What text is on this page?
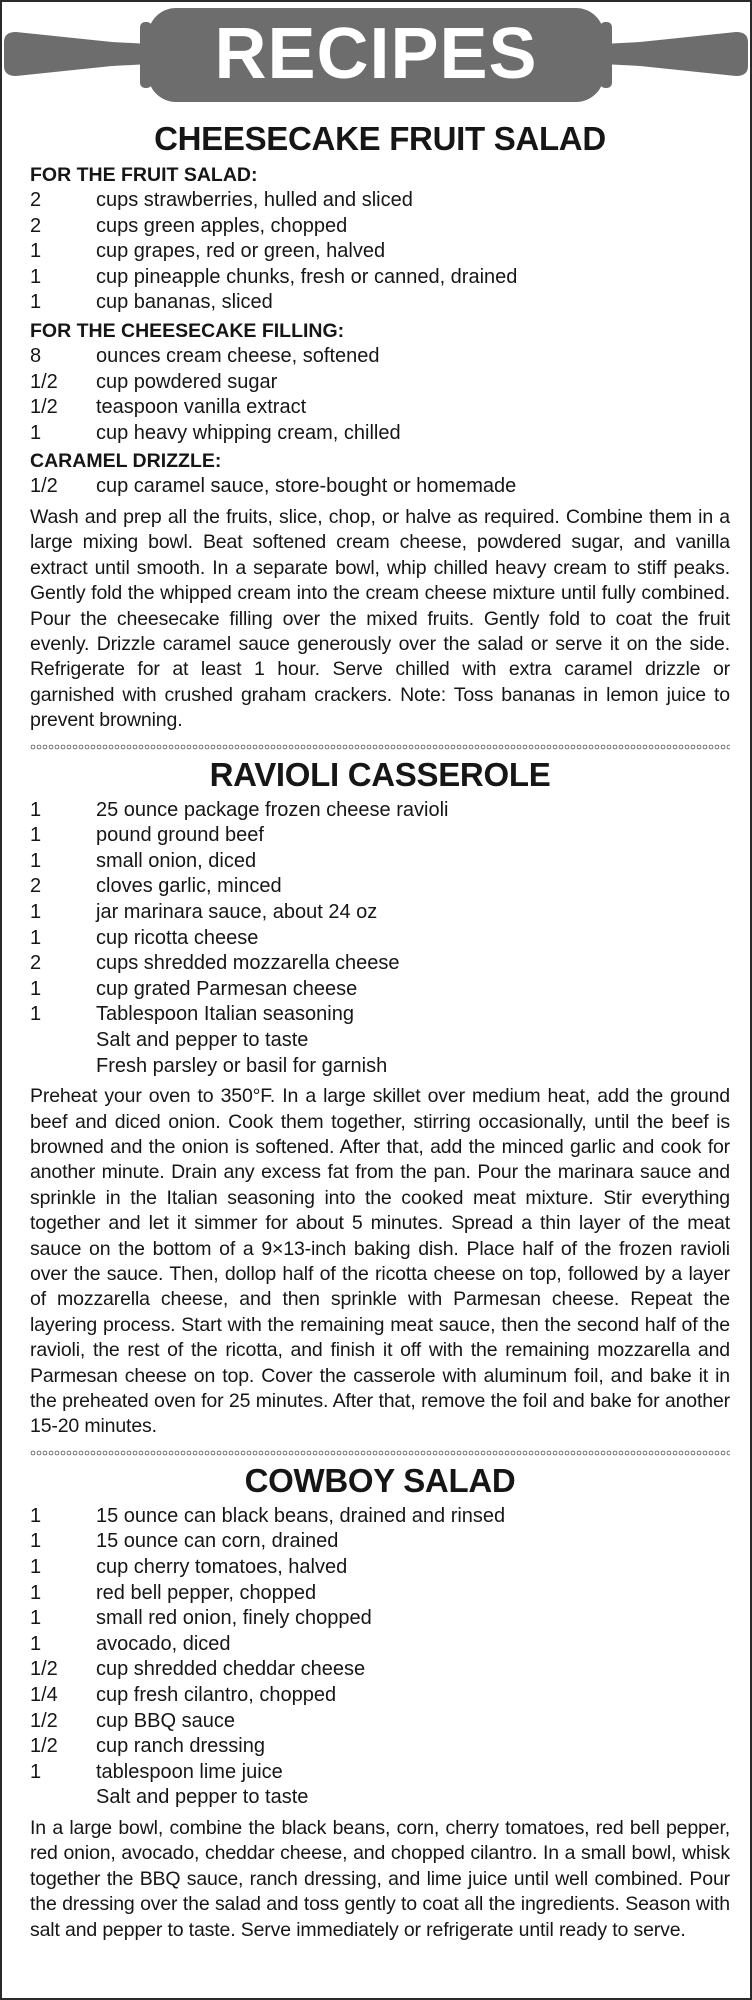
RECIPES
CHEESECAKE FRUIT SALAD
FOR THE FRUIT SALAD:
2	cups strawberries, hulled and sliced
2	cups green apples, chopped
1	cup grapes, red or green, halved
1	cup pineapple chunks, fresh or canned, drained
1	cup bananas, sliced
FOR THE CHEESECAKE FILLING:
8	ounces cream cheese, softened
1/2	cup powdered sugar
1/2	teaspoon vanilla extract
1	cup heavy whipping cream, chilled
CARAMEL DRIZZLE:
1/2	cup caramel sauce, store-bought or homemade
Wash and prep all the fruits, slice, chop, or halve as required. Combine them in a large mixing bowl. Beat softened cream cheese, powdered sugar, and vanilla extract until smooth. In a separate bowl, whip chilled heavy cream to stiff peaks. Gently fold the whipped cream into the cream cheese mixture until fully combined. Pour the cheesecake filling over the mixed fruits. Gently fold to coat the fruit evenly. Drizzle caramel sauce generously over the salad or serve it on the side. Refrigerate for at least 1 hour. Serve chilled with extra caramel drizzle or garnished with crushed graham crackers. Note: Toss bananas in lemon juice to prevent browning.
RAVIOLI CASSEROLE
1	25 ounce package frozen cheese ravioli
1	pound ground beef
1	small onion, diced
2	cloves garlic, minced
1	jar marinara sauce, about 24 oz
1	cup ricotta cheese
2	cups shredded mozzarella cheese
1	cup grated Parmesan cheese
1	Tablespoon Italian seasoning
Salt and pepper to taste
Fresh parsley or basil for garnish
Preheat your oven to 350°F. In a large skillet over medium heat, add the ground beef and diced onion. Cook them together, stirring occasionally, until the beef is browned and the onion is softened. After that, add the minced garlic and cook for another minute. Drain any excess fat from the pan. Pour the marinara sauce and sprinkle in the Italian seasoning into the cooked meat mixture. Stir everything together and let it simmer for about 5 minutes. Spread a thin layer of the meat sauce on the bottom of a 9×13-inch baking dish. Place half of the frozen ravioli over the sauce. Then, dollop half of the ricotta cheese on top, followed by a layer of mozzarella cheese, and then sprinkle with Parmesan cheese. Repeat the layering process. Start with the remaining meat sauce, then the second half of the ravioli, the rest of the ricotta, and finish it off with the remaining mozzarella and Parmesan cheese on top. Cover the casserole with aluminum foil, and bake it in the preheated oven for 25 minutes. After that, remove the foil and bake for another 15-20 minutes.
COWBOY SALAD
1	15 ounce can black beans, drained and rinsed
1	15 ounce can corn, drained
1	cup cherry tomatoes, halved
1	red bell pepper, chopped
1	small red onion, finely chopped
1	avocado, diced
1/2	cup shredded cheddar cheese
1/4	cup fresh cilantro, chopped
1/2	cup BBQ sauce
1/2	cup ranch dressing
1	tablespoon lime juice
Salt and pepper to taste
In a large bowl, combine the black beans, corn, cherry tomatoes, red bell pepper, red onion, avocado, cheddar cheese, and chopped cilantro. In a small bowl, whisk together the BBQ sauce, ranch dressing, and lime juice until well combined. Pour the dressing over the salad and toss gently to coat all the ingredients. Season with salt and pepper to taste. Serve immediately or refrigerate until ready to serve.
